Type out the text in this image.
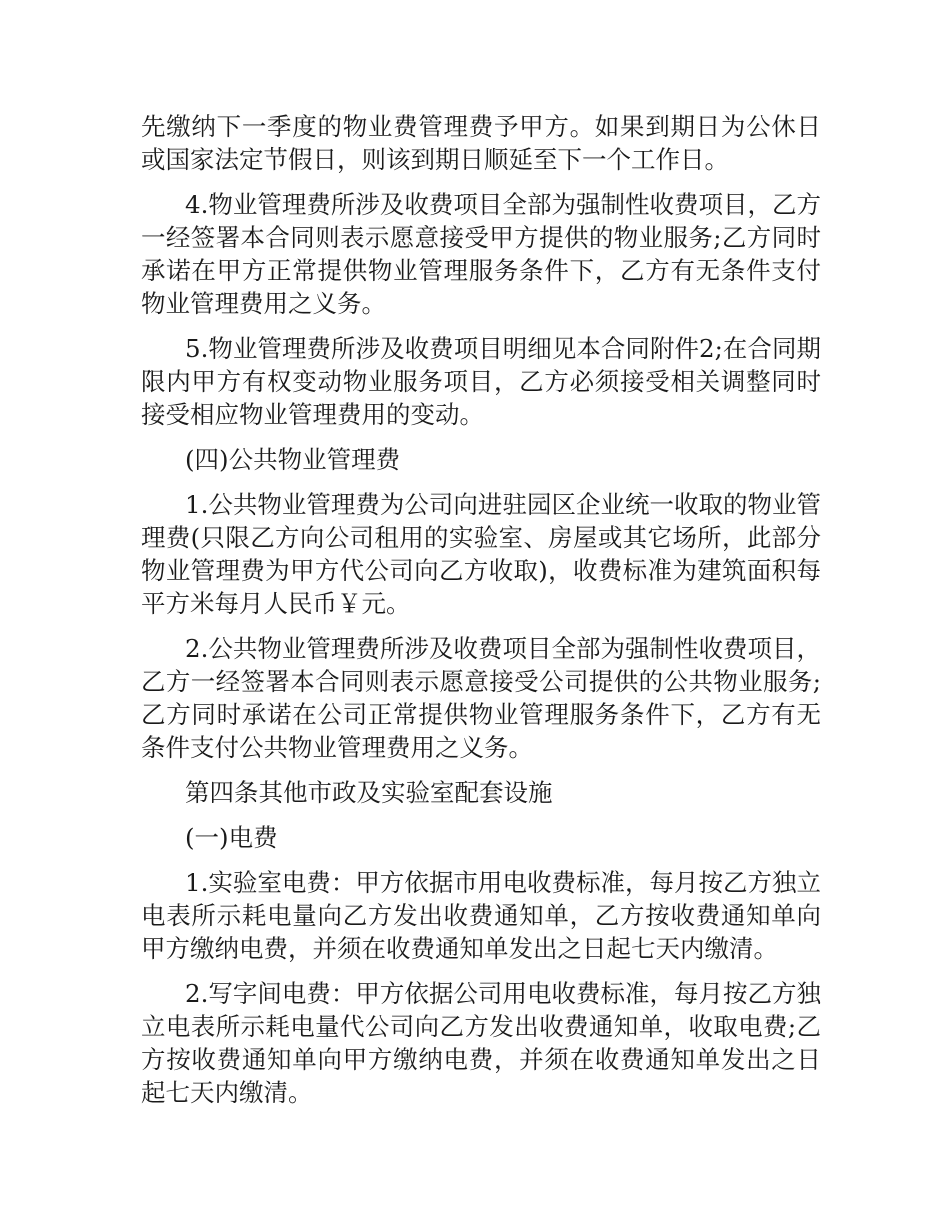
先缴纳下一季度的物业费管理费予甲方。如果到期日为公休日或国家法定节假日，则该到期日顺延至下一个工作日。

4.物业管理费所涉及收费项目全部为强制性收费项目，乙方一经签署本合同则表示愿意接受甲方提供的物业服务;乙方同时承诺在甲方正常提供物业管理服务条件下，乙方有无条件支付物业管理费用之义务。

5.物业管理费所涉及收费项目明细见本合同附件2;在合同期限内甲方有权变动物业服务项目，乙方必须接受相关调整同时接受相应物业管理费用的变动。

(四)公共物业管理费

1.公共物业管理费为公司向进驻园区企业统一收取的物业管理费(只限乙方向公司租用的实验室、房屋或其它场所，此部分物业管理费为甲方代公司向乙方收取)，收费标准为建筑面积每平方米每月人民币￥元。

2.公共物业管理费所涉及收费项目全部为强制性收费项目，乙方一经签署本合同则表示愿意接受公司提供的公共物业服务;乙方同时承诺在公司正常提供物业管理服务条件下，乙方有无条件支付公共物业管理费用之义务。

第四条其他市政及实验室配套设施

(一)电费

1.实验室电费：甲方依据市用电收费标准，每月按乙方独立电表所示耗电量向乙方发出收费通知单，乙方按收费通知单向甲方缴纳电费，并须在收费通知单发出之日起七天内缴清。

2.写字间电费：甲方依据公司用电收费标准，每月按乙方独立电表所示耗电量代公司向乙方发出收费通知单，收取电费;乙方按收费通知单向甲方缴纳电费，并须在收费通知单发出之日起七天内缴清。
